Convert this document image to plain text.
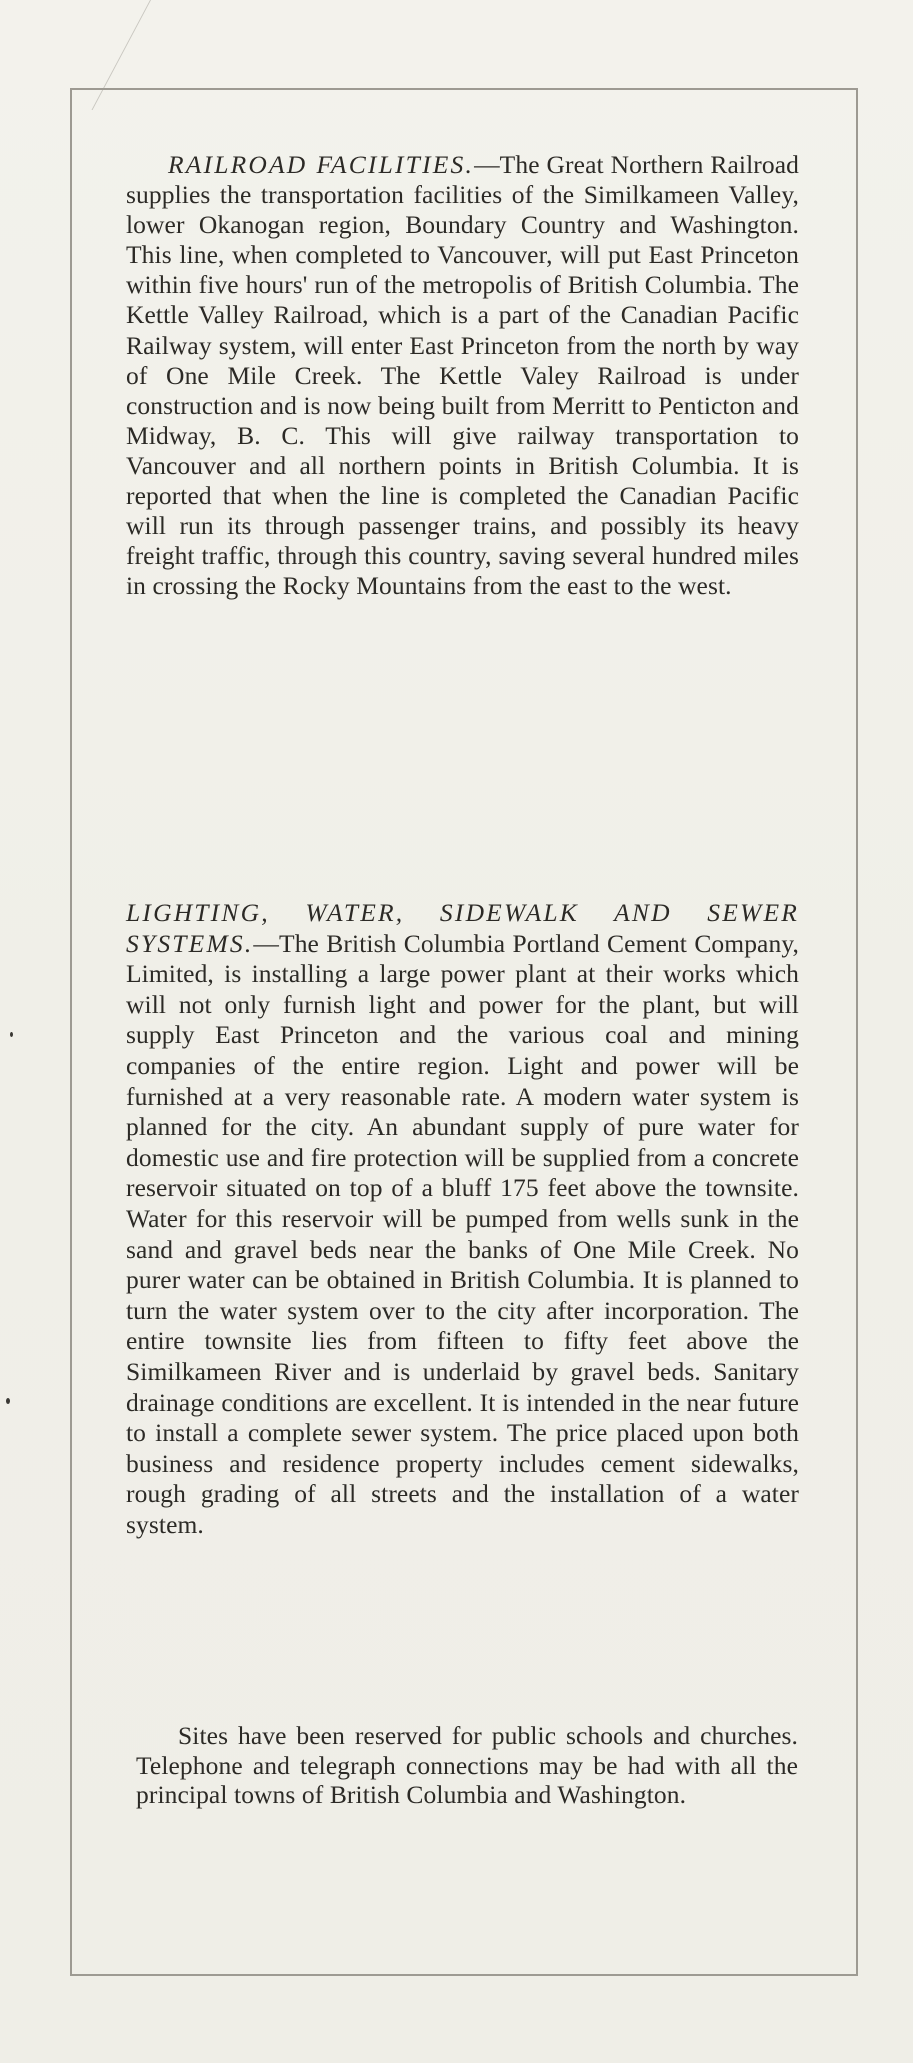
RAILROAD FACILITIES.—The Great Northern Railroad supplies the transportation facilities of the Similkameen Valley, lower Okanogan region, Boundary Country and Washington. This line, when completed to Vancouver, will put East Princeton within five hours' run of the metropolis of British Columbia. The Kettle Valley Railroad, which is a part of the Canadian Pacific Railway system, will enter East Princeton from the north by way of One Mile Creek. The Kettle Valey Railroad is under construction and is now being built from Merritt to Penticton and Midway, B. C. This will give railway transportation to Vancouver and all northern points in British Columbia. It is reported that when the line is completed the Canadian Pacific will run its through passenger trains, and possibly its heavy freight traffic, through this country, saving several hundred miles in crossing the Rocky Mountains from the east to the west.

LIGHTING, WATER, SIDEWALK AND SEWER SYSTEMS.—The British Columbia Portland Cement Company, Limited, is installing a large power plant at their works which will not only furnish light and power for the plant, but will supply East Princeton and the various coal and mining companies of the entire region. Light and power will be furnished at a very reasonable rate. A modern water system is planned for the city. An abundant supply of pure water for domestic use and fire protection will be supplied from a concrete reservoir situated on top of a bluff 175 feet above the townsite. Water for this reservoir will be pumped from wells sunk in the sand and gravel beds near the banks of One Mile Creek. No purer water can be obtained in British Columbia. It is planned to turn the water system over to the city after incorporation. The entire townsite lies from fifteen to fifty feet above the Similkameen River and is underlaid by gravel beds. Sanitary drainage conditions are excellent. It is intended in the near future to install a complete sewer system. The price placed upon both business and residence property includes cement sidewalks, rough grading of all streets and the installation of a water system.

Sites have been reserved for public schools and churches. Telephone and telegraph connections may be had with all the principal towns of British Columbia and Washington.
